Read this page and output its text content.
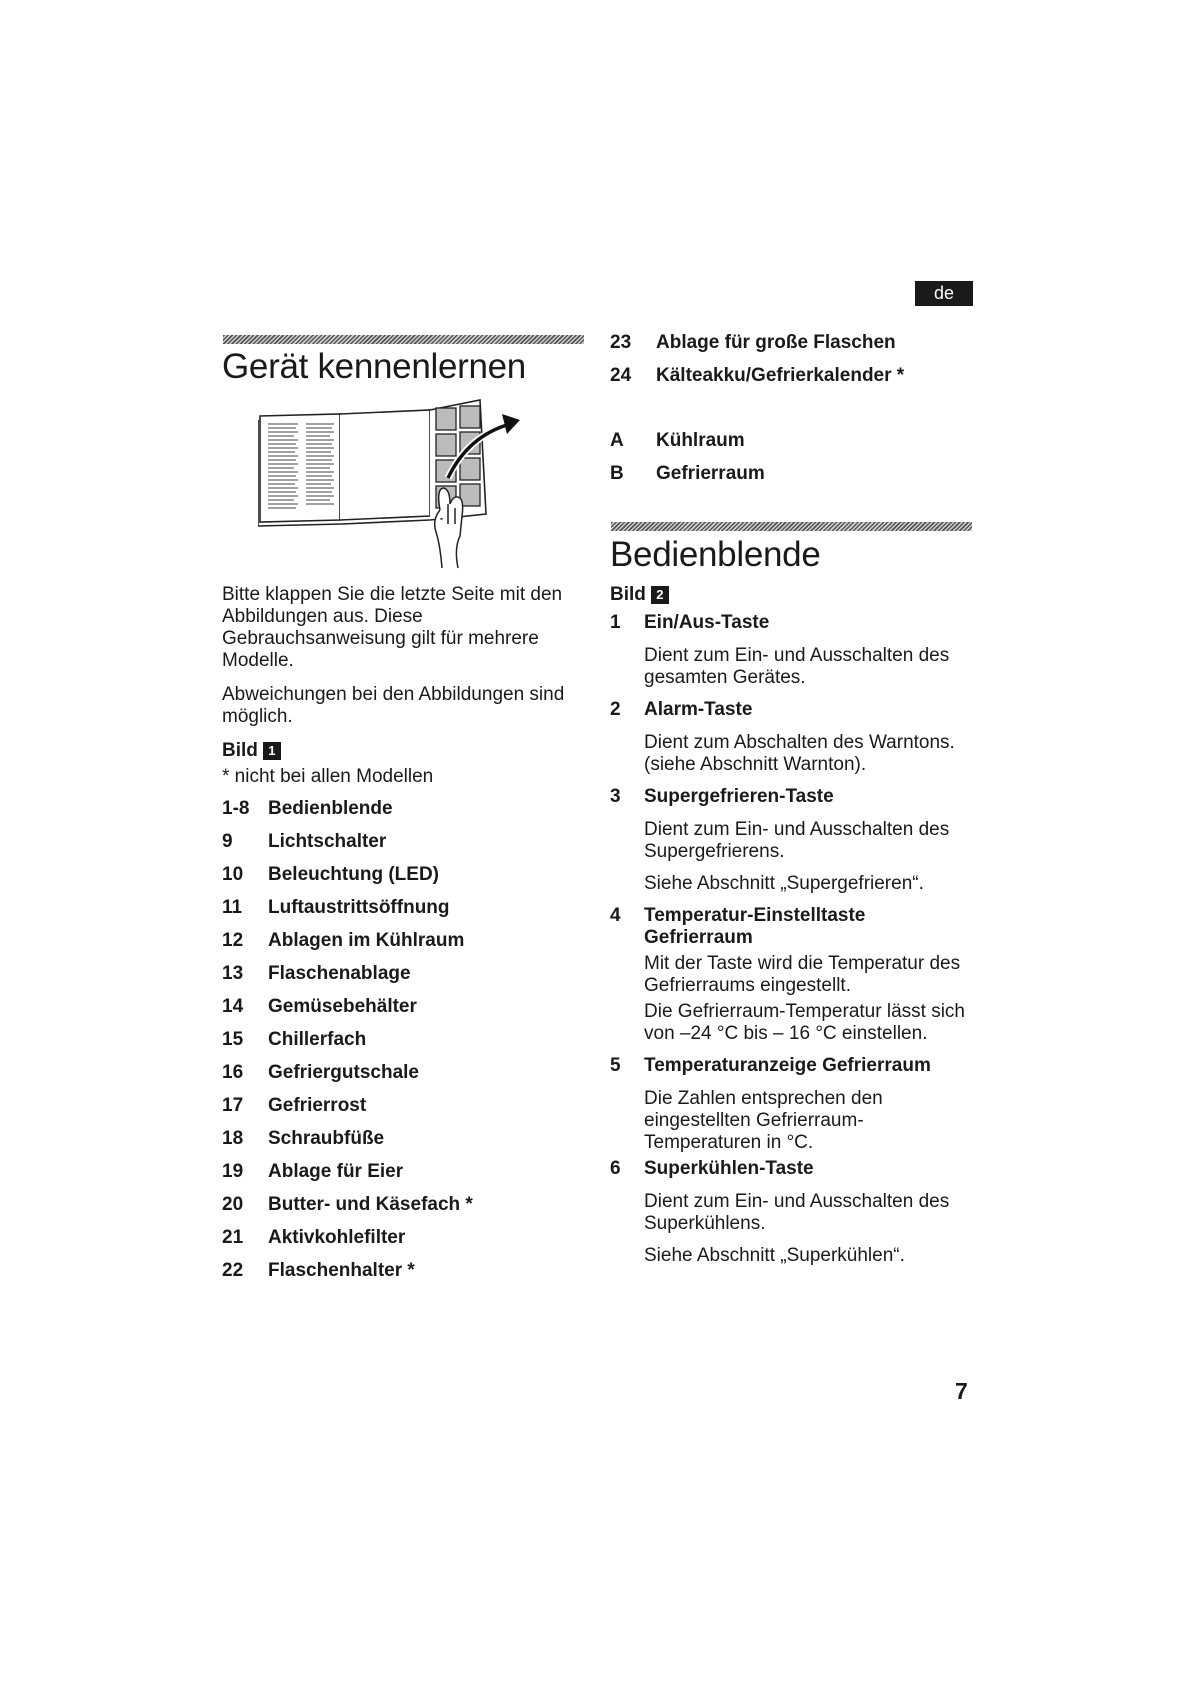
de
Gerät kennenlernen

Bitte klappen Sie die letzte Seite mit den Abbildungen aus. Diese Gebrauchsanweisung gilt für mehrere Modelle.

Abweichungen bei den Abbildungen sind möglich.

Bild 1
* nicht bei allen Modellen
1-8 Bedienblende
9	Lichtschalter
10	Beleuchtung (LED)
11	Luftaustrittsöffnung
12	Ablagen im Kühlraum
13	Flaschenablage
14	Gemüsebehälter
15	Chillerfach
16	Gefriergutschale
17	Gefrierrost
18	Schraubfüße
19	Ablage für Eier
20	Butter- und Käsefach *
21	Aktivkohlefilter
22	Flaschenhalter *
23	Ablage für große Flaschen
24	Kälteakku/Gefrierkalender *
A	Kühlraum
B	Gefrierraum
Bedienblende
Bild 2
1	Ein/Aus-Taste

Dient zum Ein- und Ausschalten des gesamten Gerätes.

2	Alarm-Taste

Dient zum Abschalten des Warntons. (siehe Abschnitt Warnton).

3	Supergefrieren-Taste

Dient zum Ein- und Ausschalten des Supergefrierens.

Siehe Abschnitt „Supergefrieren“.

4	Temperatur-Einstelltaste Gefrierraum

Mit der Taste wird die Temperatur des Gefrierraums eingestellt.

Die Gefrierraum-Temperatur lässt sich von –24 °C bis – 16 °C einstellen.

5	Temperaturanzeige Gefrierraum

Die Zahlen entsprechen den eingestellten Gefrierraum-Temperaturen in °C.

6	Superkühlen-Taste

Dient zum Ein- und Ausschalten des Superkühlens.

Siehe Abschnitt „Superkühlen“.

7
